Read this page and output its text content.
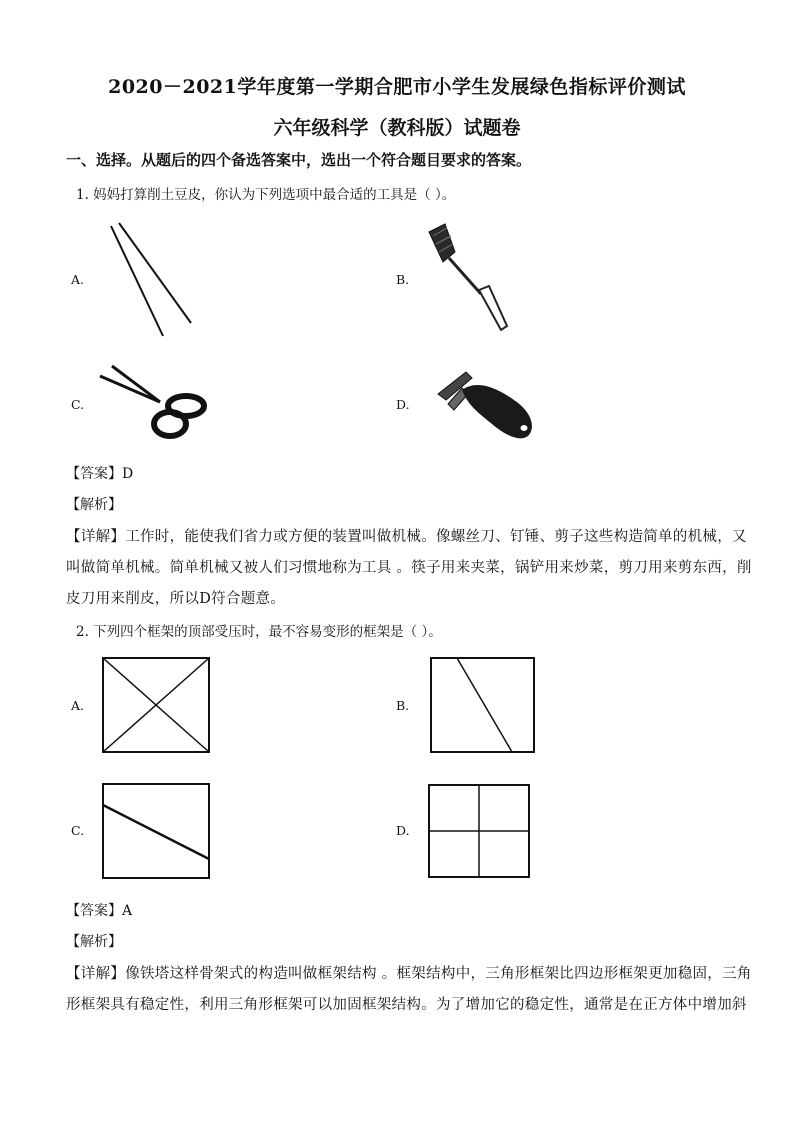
2020－2021学年度第一学期合肥市小学生发展绿色指标评价测试
六年级科学（教科版）试题卷
一、选择。从题后的四个备选答案中，选出一个符合题目要求的答案。
1. 妈妈打算削土豆皮，你认为下列选项中最合适的工具是（ ）。
A.	B.
C.	D.
【答案】D
【解析】
【详解】工作时，能使我们省力或方便的装置叫做机械。像螺丝刀、钉锤、剪子这些构造简单的机械，又
叫做简单机械。简单机械又被人们习惯地称为工具 。筷子用来夹菜，锅铲用来炒菜，剪刀用来剪东西，削
皮刀用来削皮，所以D符合题意。
2. 下列四个框架的顶部受压时，最不容易变形的框架是（ ）。
A.	B.
C.	D.
【答案】A
【解析】
【详解】像铁塔这样骨架式的构造叫做框架结构 。框架结构中，三角形框架比四边形框架更加稳固，三角
形框架具有稳定性，利用三角形框架可以加固框架结构。为了增加它的稳定性，通常是在正方体中增加斜
